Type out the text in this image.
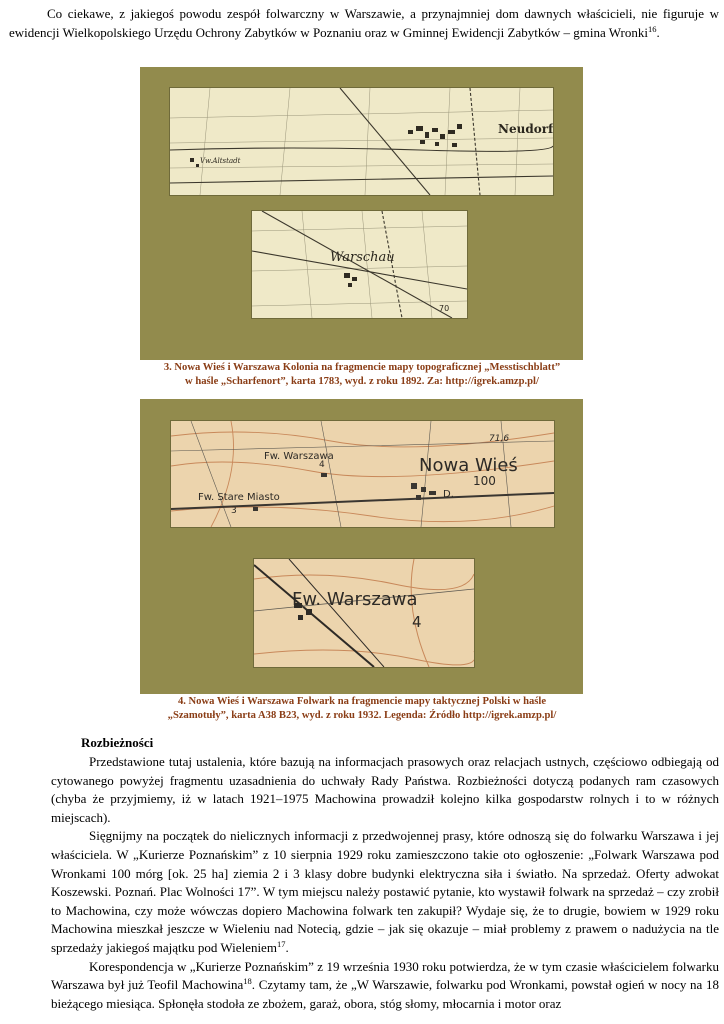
Co ciekawe, z jakiegoś powodu zespół folwarczny w Warszawie, a przynajmniej dom dawnych właścicieli, nie figuruje w ewidencji Wielkopolskiego Urzędu Ochrony Zabytków w Poznaniu oraz w Gminnej Ewidencji Zabytków – gmina Wronki$^{16}$.

Neudorf
Vw.Altstadt
Warschau
70
3. Nowa Wieś i Warszawa Kolonia na fragmencie mapy topograficznej „Messtischblatt”
w haśle „Scharfenort”, karta 1783, wyd. z roku 1892. Za: http://igrek.amzp.pl/
Fw. Warszawa
4	Nowa Wieś
Fw. Stare Miasto
3
D.
100
71,6
Fw. Warszawa
4
4. Nowa Wieś i Warszawa Folwark na fragmencie mapy taktycznej Polski w haśle
„Szamotuły”, karta A38 B23, wyd. z roku 1932. Legenda: Źródło http://igrek.amzp.pl/
Rozbieżności

Przedstawione tutaj ustalenia, które bazują na informacjach prasowych oraz relacjach ustnych, częściowo odbiegają od cytowanego powyżej fragmentu uzasadnienia do uchwały Rady Państwa. Rozbieżności dotyczą podanych ram czasowych (chyba że przyjmiemy, iż w latach 1921–1975 Machowina prowadził kolejno kilka gospodarstw rolnych i to w różnych miejscach).

Sięgnijmy na początek do nielicznych informacji z przedwojennej prasy, które odnoszą się do folwarku Warszawa i jej właściciela. W „Kurierze Poznańskim” z 10 sierpnia 1929 roku zamieszczono takie oto ogłoszenie: „Folwark Warszawa pod Wronkami 100 mórg [ok. 25 ha] ziemia 2 i 3 klasy dobre budynki elektryczna siła i światło. Na sprzedaż. Oferty adwokat Koszewski. Poznań. Plac Wolności 17”. W tym miejscu należy postawić pytanie, kto wystawił folwark na sprzedaż – czy zrobił to Machowina, czy może wówczas dopiero Machowina folwark ten zakupił? Wydaje się, że to drugie, bowiem w 1929 roku Machowina mieszkał jeszcze w Wieleniu nad Notecią, gdzie – jak się okazuje – miał problemy z prawem o nadużycia na tle sprzedaży jakiegoś majątku pod Wieleniem$^{17}$.

Korespondencja w „Kurierze Poznańskim” z 19 września 1930 roku potwierdza, że w tym czasie właścicielem folwarku Warszawa był już Teofil Machowina$^{18}$. Czytamy tam, że „W Warszawie, folwarku pod Wronkami, powstał ogień w nocy na 18 bieżącego miesiąca. Spłonęła stodoła ze zbożem, garaż, obora, stóg słomy, młocarnia i motor oraz
